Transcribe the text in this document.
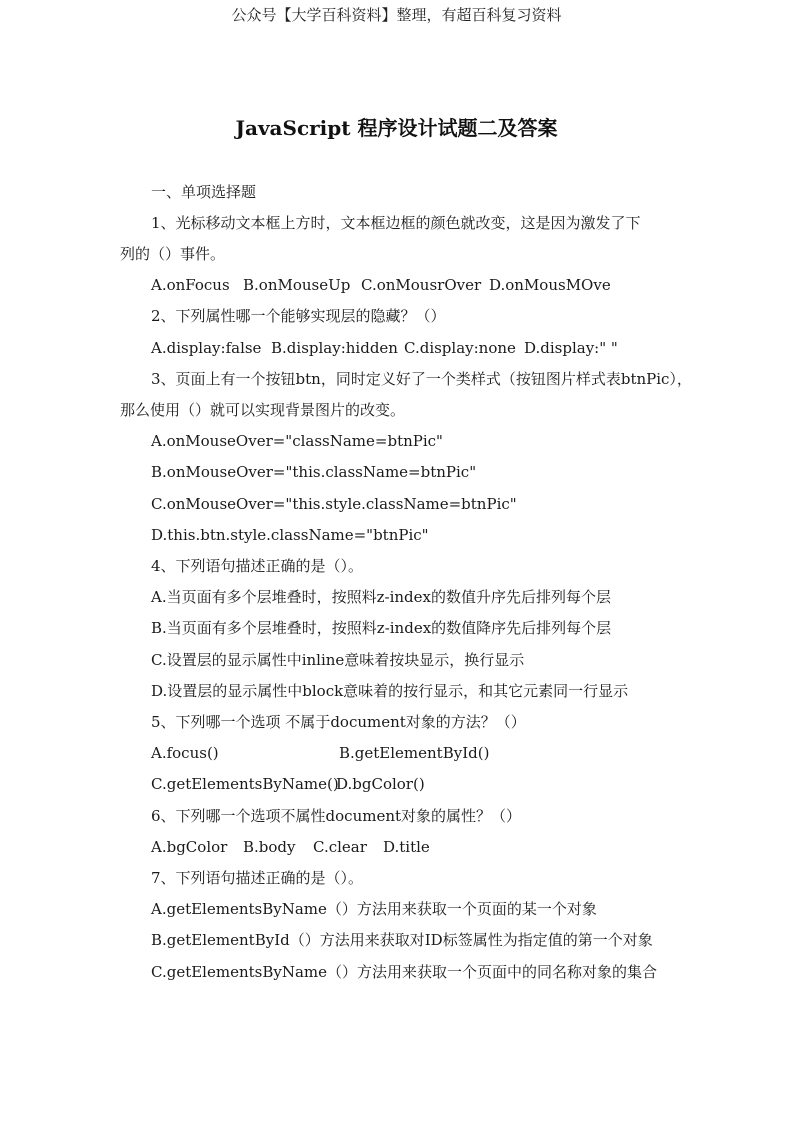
公众号【大学百科资料】整理，有超百科复习资料
JavaScript 程序设计试题二及答案
一、单项选择题
1、光标移动文本框上方时，文本框边框的颜色就改变，这是因为激发了下
列的（）事件。
A.onFocus B.onMouseUp C.onMousrOver D.onMousMOve
2、下列属性哪一个能够实现层的隐藏？（）
A.display:false B.display:hidden C.display:none D.display:" "
3、页面上有一个按钮btn，同时定义好了一个类样式（按钮图片样式表btnPic），
那么使用（）就可以实现背景图片的改变。
A.onMouseOver="className=btnPic"
B.onMouseOver="this.className=btnPic"
C.onMouseOver="this.style.className=btnPic"
D.this.btn.style.className="btnPic"
4、下列语句描述正确的是（）。
A.当页面有多个层堆叠时，按照料z-index的数值升序先后排列每个层
B.当页面有多个层堆叠时，按照料z-index的数值降序先后排列每个层
C.设置层的显示属性中inline意味着按块显示，换行显示
D.设置层的显示属性中block意味着的按行显示，和其它元素同一行显示
5、下列哪一个选项 不属于document对象的方法？（）
A.focus()	B.getElementById()
C.getElementsByName()D.bgColor()
6、下列哪一个选项不属性document对象的属性？（）
A.bgColor B.body C.clear D.title
7、下列语句描述正确的是（）。
A.getElementsByName（）方法用来获取一个页面的某一个对象
B.getElementById（）方法用来获取对ID标签属性为指定值的第一个对象
C.getElementsByName（）方法用来获取一个页面中的同名称对象的集合
